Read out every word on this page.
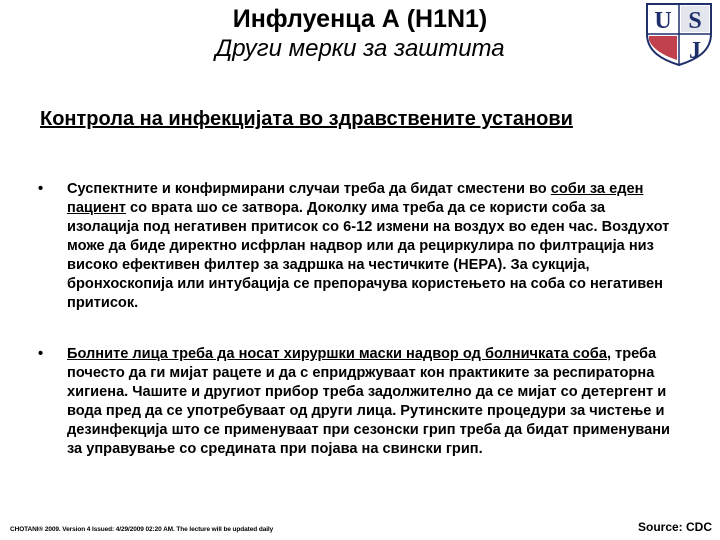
Инфлуенца А (H1N1)
Други мерки за заштита
U S
J
Контрола на инфекцијата во здравствените установи
• Суспектните и конфирмирани случаи треба да бидат сместени во соби за еден пациент со врата шо се затвора. Доколку има треба да се користи соба за изолација под негативен притисок со 6-12 измени на воздух во еден час. Воздухот може да биде директно исфрлан надвор или да рециркулира по филтрација низ високо ефективен филтер за задршка на честичките (HEPA). За сукција, бронхоскопија или интубација се препорачува користењето на соба со негативен притисок.
• Болните лица треба да носат хируршки маски надвор од болничката соба, треба почесто да ги мијат рацете и да с епридржуваат кон практиките за респираторна хигиена. Чашите и другиот прибор треба задолжително да се мијат со детергент и вода пред да се употребуваат од други лица. Рутинските процедури за чистење и дезинфекција што се применуваат при сезонски грип треба да бидат применувани за управување со срединатa при појава на свински грип.
CHOTANI® 2009. Version 4 Issued: 4/29/2009 02:20 AM. The lecture will be updated daily	Source: CDC
